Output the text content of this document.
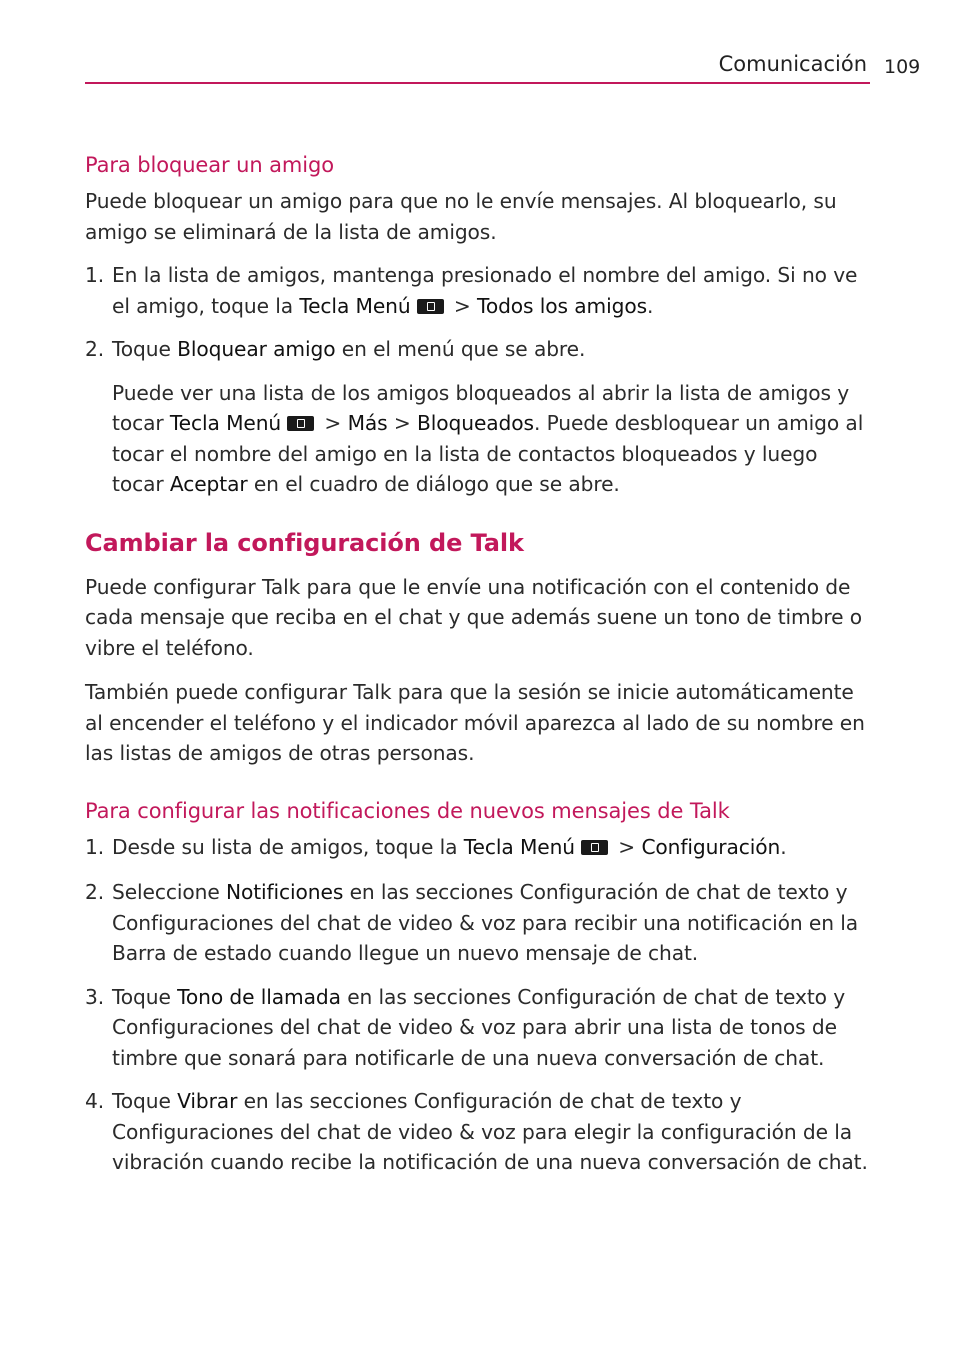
Comunicación 109
Para bloquear un amigo

Puede bloquear un amigo para que no le envíe mensajes. Al bloquearlo, su amigo se eliminará de la lista de amigos.

1. En la lista de amigos, mantenga presionado el nombre del amigo. Si no ve el amigo, toque la Tecla Menú > Todos los amigos.
2. Toque Bloquear amigo en el menú que se abre.

Puede ver una lista de los amigos bloqueados al abrir la lista de amigos y tocar Tecla Menú > Más > Bloqueados. Puede desbloquear un amigo al tocar el nombre del amigo en la lista de contactos bloqueados y luego tocar Aceptar en el cuadro de diálogo que se abre.

Cambiar la configuración de Talk

Puede configurar Talk para que le envíe una notificación con el contenido de cada mensaje que reciba en el chat y que además suene un tono de timbre o vibre el teléfono.

También puede configurar Talk para que la sesión se inicie automáticamente al encender el teléfono y el indicador móvil aparezca al lado de su nombre en las listas de amigos de otras personas.

Para configurar las notificaciones de nuevos mensajes de Talk
1. Desde su lista de amigos, toque la Tecla Menú > Configuración.
2. Seleccione Notificiones en las secciones Configuración de chat de texto y Configuraciones del chat de video & voz para recibir una notificación en la Barra de estado cuando llegue un nuevo mensaje de chat.
3. Toque Tono de llamada en las secciones Configuración de chat de texto y Configuraciones del chat de video & voz para abrir una lista de tonos de timbre que sonará para notificarle de una nueva conversación de chat.
4. Toque Vibrar en las secciones Configuración de chat de texto y Configuraciones del chat de video & voz para elegir la configuración de la vibración cuando recibe la notificación de una nueva conversación de chat.
